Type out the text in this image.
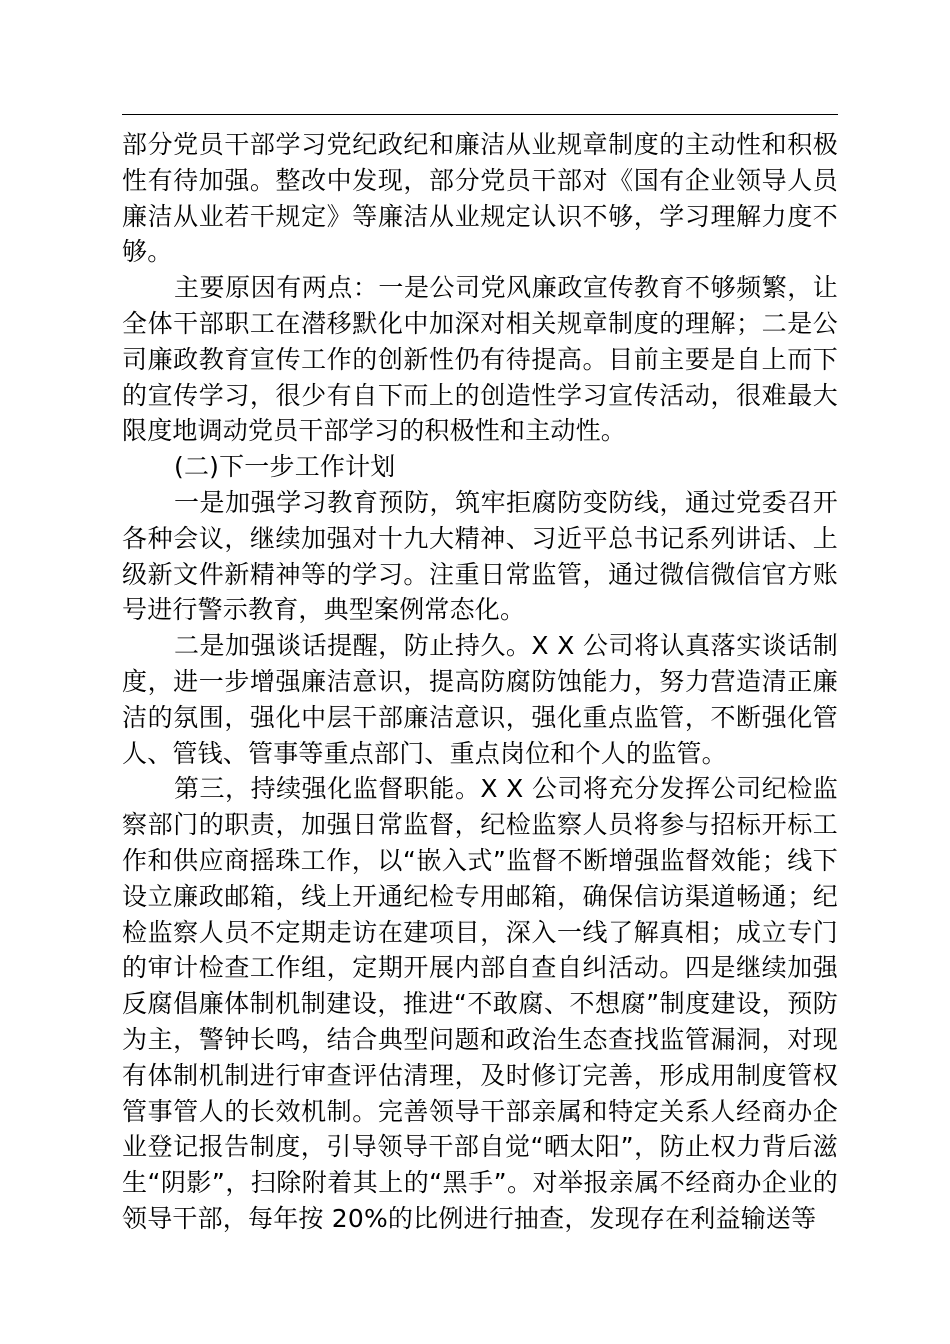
部分党员干部学习党纪政纪和廉洁从业规章制度的主动性和积极性有待加强。整改中发现，部分党员干部对《国有企业领导人员廉洁从业若干规定》等廉洁从业规定认识不够，学习理解力度不够。

主要原因有两点：一是公司党风廉政宣传教育不够频繁，让全体干部职工在潜移默化中加深对相关规章制度的理解；二是公司廉政教育宣传工作的创新性仍有待提高。目前主要是自上而下的宣传学习，很少有自下而上的创造性学习宣传活动，很难最大限度地调动党员干部学习的积极性和主动性。

(二)下一步工作计划

一是加强学习教育预防，筑牢拒腐防变防线，通过党委召开各种会议，继续加强对十九大精神、习近平总书记系列讲话、上级新文件新精神等的学习。注重日常监管，通过微信微信官方账号进行警示教育，典型案例常态化。

二是加强谈话提醒，防止持久。X X 公司将认真落实谈话制度，进一步增强廉洁意识，提高防腐防蚀能力，努力营造清正廉洁的氛围，强化中层干部廉洁意识，强化重点监管，不断强化管人、管钱、管事等重点部门、重点岗位和个人的监管。

第三，持续强化监督职能。X X 公司将充分发挥公司纪检监察部门的职责，加强日常监督，纪检监察人员将参与招标开标工作和供应商摇珠工作，以“嵌入式”监督不断增强监督效能；线下设立廉政邮箱，线上开通纪检专用邮箱，确保信访渠道畅通；纪检监察人员不定期走访在建项目，深入一线了解真相；成立专门的审计检查工作组，定期开展内部自查自纠活动。四是继续加强反腐倡廉体制机制建设，推进“不敢腐、不想腐”制度建设，预防为主，警钟长鸣，结合典型问题和政治生态查找监管漏洞，对现有体制机制进行审查评估清理，及时修订完善，形成用制度管权管事管人的长效机制。完善领导干部亲属和特定关系人经商办企业登记报告制度，引导领导干部自觉“晒太阳”，防止权力背后滋生“阴影”，扫除附着其上的“黑手”。对举报亲属不经商办企业的领导干部，每年按 20%的比例进行抽查，发现存在利益输送等
